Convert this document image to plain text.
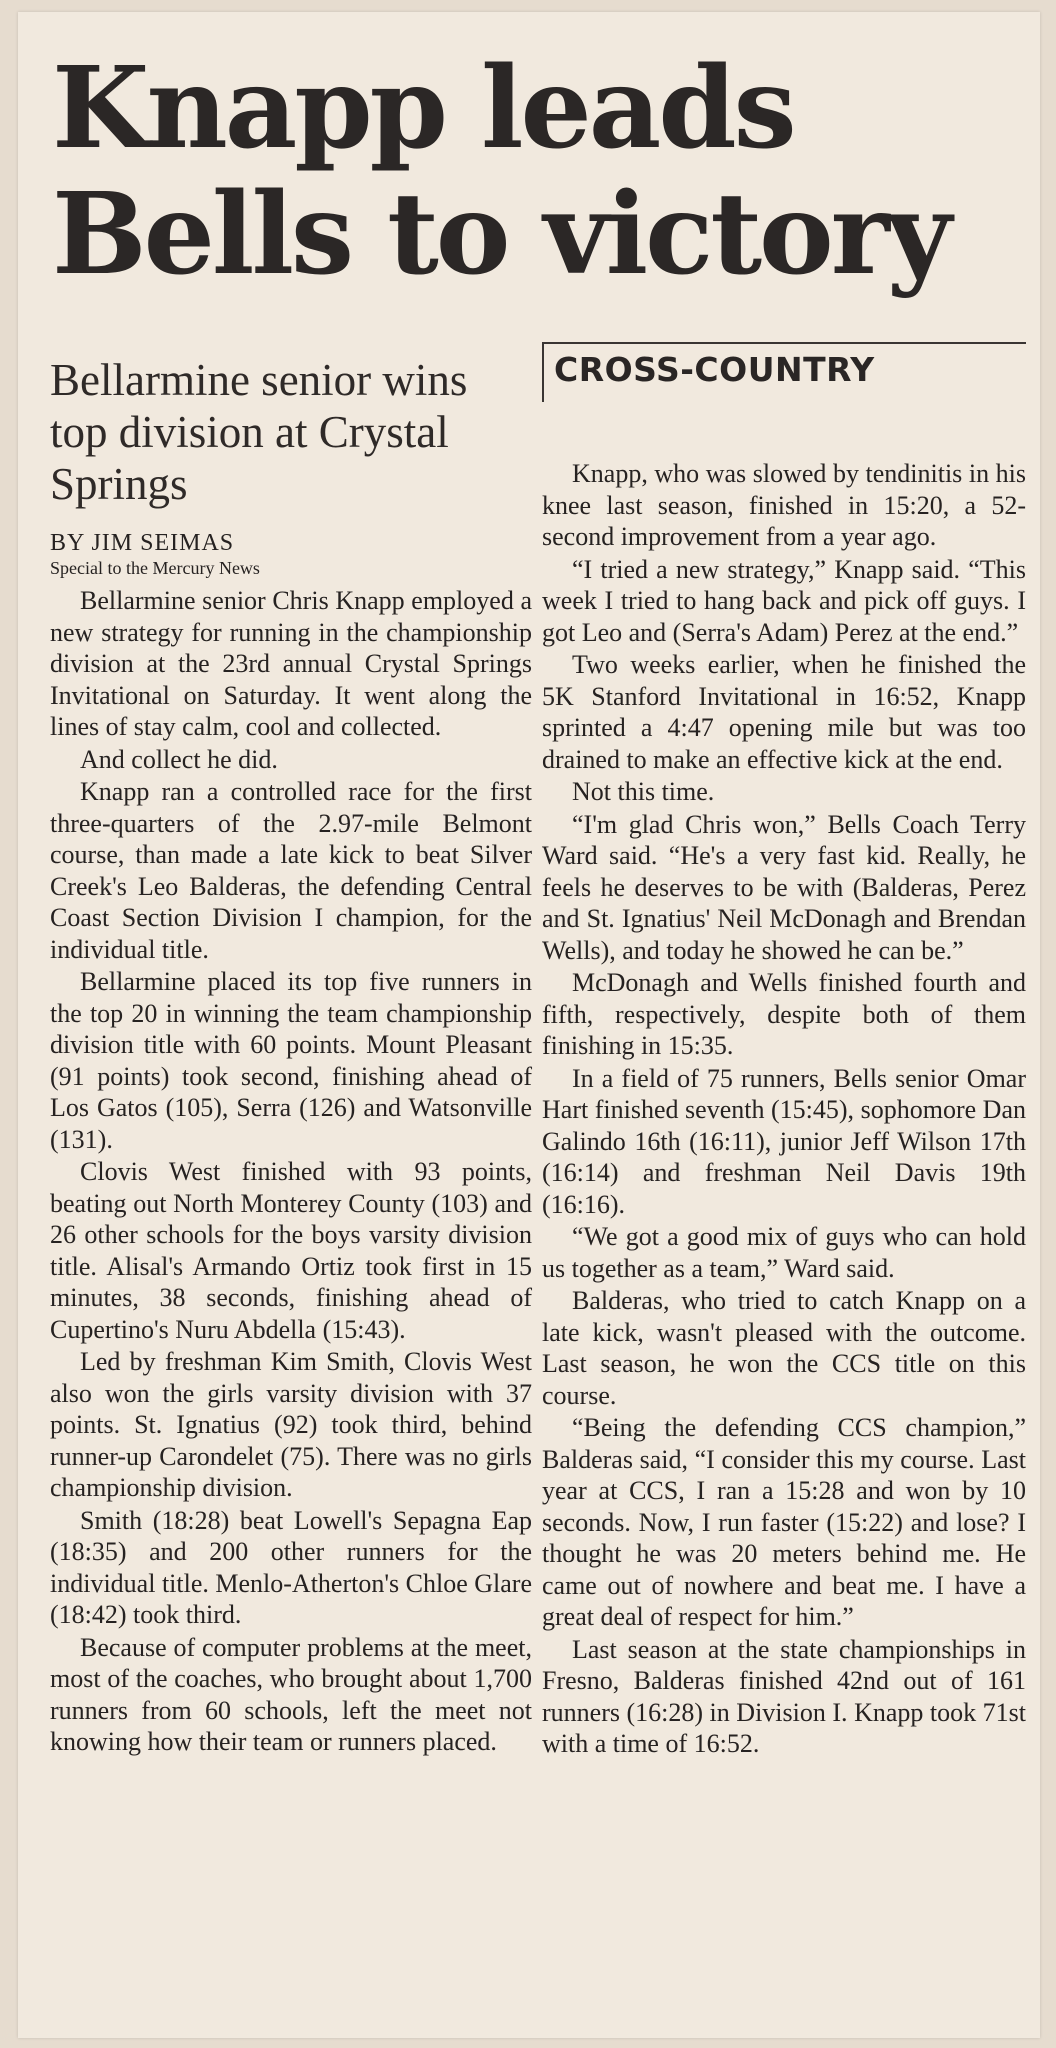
Knapp leads Bells to victory
Bellarmine senior wins top division at Crystal Springs
BY JIM SEIMAS
Special to the Mercury News

Bellarmine senior Chris Knapp employed a new strategy for running in the championship division at the 23rd annual Crystal Springs Invitational on Saturday. It went along the lines of stay calm, cool and collected.

And collect he did.

Knapp ran a controlled race for the first three-quarters of the 2.97-mile Belmont course, than made a late kick to beat Silver Creek's Leo Balderas, the defending Central Coast Section Division I champion, for the individual title.

Bellarmine placed its top five runners in the top 20 in winning the team championship division title with 60 points. Mount Pleasant (91 points) took second, finishing ahead of Los Gatos (105), Serra (126) and Watsonville (131).

Clovis West finished with 93 points, beating out North Monterey County (103) and 26 other schools for the boys varsity division title. Alisal's Armando Ortiz took first in 15 minutes, 38 seconds, finishing ahead of Cupertino's Nuru Abdella (15:43).

Led by freshman Kim Smith, Clovis West also won the girls varsity division with 37 points. St. Ignatius (92) took third, behind runner-up Carondelet (75). There was no girls championship division.

Smith (18:28) beat Lowell's Sepagna Eap (18:35) and 200 other runners for the individual title. Menlo-Atherton's Chloe Glare (18:42) took third.

Because of computer problems at the meet, most of the coaches, who brought about 1,700 runners from 60 schools, left the meet not knowing how their team or runners placed.

CROSS-COUNTRY

Knapp, who was slowed by tendinitis in his knee last season, finished in 15:20, a 52-second improvement from a year ago.

“I tried a new strategy,” Knapp said. “This week I tried to hang back and pick off guys. I got Leo and (Serra's Adam) Perez at the end.”

Two weeks earlier, when he finished the 5K Stanford Invitational in 16:52, Knapp sprinted a 4:47 opening mile but was too drained to make an effective kick at the end.

Not this time.

“I'm glad Chris won,” Bells Coach Terry Ward said. “He's a very fast kid. Really, he feels he deserves to be with (Balderas, Perez and St. Ignatius' Neil McDonagh and Brendan Wells), and today he showed he can be.”

McDonagh and Wells finished fourth and fifth, respectively, despite both of them finishing in 15:35.

In a field of 75 runners, Bells senior Omar Hart finished seventh (15:45), sophomore Dan Galindo 16th (16:11), junior Jeff Wilson 17th (16:14) and freshman Neil Davis 19th (16:16).

“We got a good mix of guys who can hold us together as a team,” Ward said.

Balderas, who tried to catch Knapp on a late kick, wasn't pleased with the outcome. Last season, he won the CCS title on this course.

“Being the defending CCS champion,” Balderas said, “I consider this my course. Last year at CCS, I ran a 15:28 and won by 10 seconds. Now, I run faster (15:22) and lose? I thought he was 20 meters behind me. He came out of nowhere and beat me. I have a great deal of respect for him.”

Last season at the state championships in Fresno, Balderas finished 42nd out of 161 runners (16:28) in Division I. Knapp took 71st with a time of 16:52.
